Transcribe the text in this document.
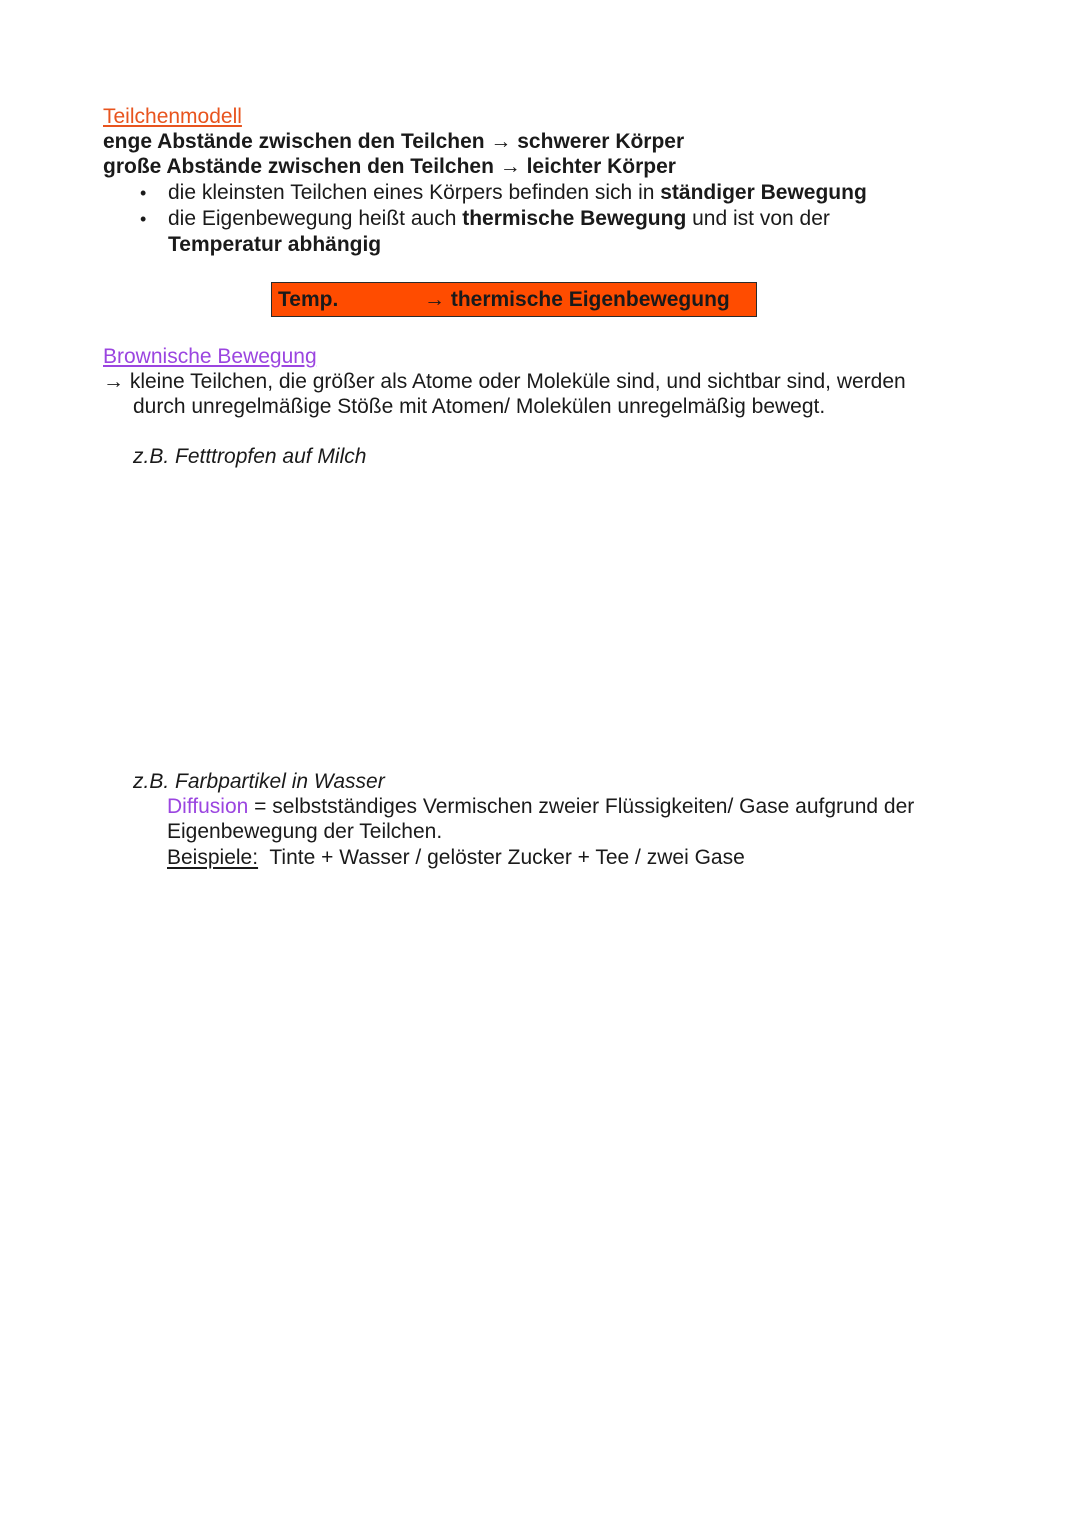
Teilchenmodell
enge Abstände zwischen den Teilchen → schwerer Körper
große Abstände zwischen den Teilchen → leichter Körper
• die kleinsten Teilchen eines Körpers befinden sich in ständiger Bewegung
• die Eigenbewegung heißt auch thermische Bewegung und ist von der
Temperatur abhängig
Temp.	→ thermische Eigenbewegung
Brownische Bewegung
→ kleine Teilchen, die größer als Atome oder Moleküle sind, und sichtbar sind, werden
durch unregelmäßige Stöße mit Atomen/ Molekülen unregelmäßig bewegt.
z.B. Fetttropfen auf Milch
z.B. Farbpartikel in Wasser
Diffusion = selbstständiges Vermischen zweier Flüssigkeiten/ Gase aufgrund der
Eigenbewegung der Teilchen.
Beispiele:  Tinte + Wasser / gelöster Zucker + Tee / zwei Gase
